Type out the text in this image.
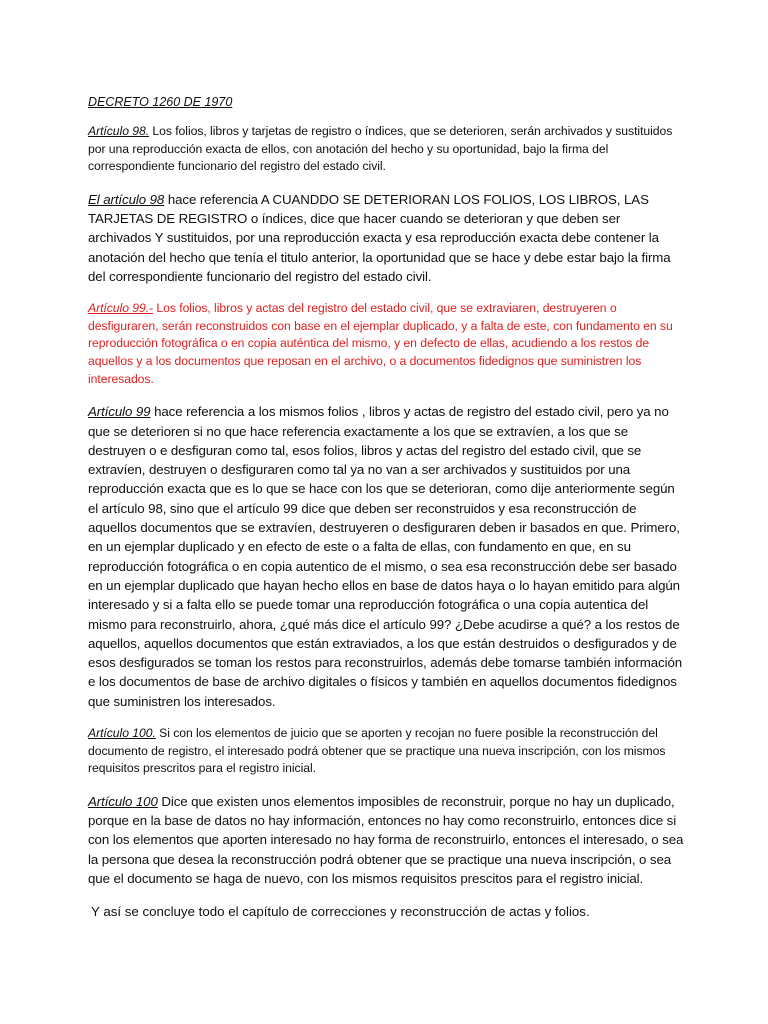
DECRETO 1260 DE 1970

Artículo 98. Los folios, libros y tarjetas de registro o índices, que se deterioren, serán archivados y sustituidos por una reproducción exacta de ellos, con anotación del hecho y su oportunidad, bajo la firma del correspondiente funcionario del registro del estado civil.

El artículo 98 hace referencia A CUANDDO SE DETERIORAN LOS FOLIOS, LOS LIBROS, LAS TARJETAS DE REGISTRO o índices, dice que hacer cuando se deterioran y que deben ser archivados Y sustituidos, por una reproducción exacta y esa reproducción exacta debe contener la anotación del hecho que tenía el titulo anterior, la oportunidad que se hace y debe estar bajo la firma del correspondiente funcionario del registro del estado civil.

Artículo 99.- Los folios, libros y actas del registro del estado civil, que se extraviaren, destruyeren o desfiguraren, serán reconstruidos con base en el ejemplar duplicado, y a falta de este, con fundamento en su reproducción fotográfica o en copia auténtica del mismo, y en defecto de ellas, acudiendo a los restos de aquellos y a los documentos que reposan en el archivo, o a documentos fidedignos que suministren los interesados.

Artículo 99 hace referencia a los mismos folios , libros y actas de registro del estado civil, pero ya no que se deterioren si no que hace referencia exactamente a los que se extravíen, a los que se destruyen o e desfiguran como tal, esos folios, libros y actas del registro del estado civil, que se extravíen, destruyen o desfiguraren como tal ya no van a ser archivados y sustituidos por una reproducción exacta que es lo que se hace con los que se deterioran, como dije anteriormente según el artículo 98, sino que el artículo 99 dice que deben ser reconstruidos y esa reconstrucción de aquellos documentos que se extravíen, destruyeren o desfiguraren deben ir basados en que. Primero, en un ejemplar duplicado y en efecto de este o a falta de ellas, con fundamento en que, en su reproducción fotográfica o en copia autentico de el mismo, o sea esa reconstrucción debe ser basado en un ejemplar duplicado que hayan hecho ellos en base de datos haya o lo hayan emitido para algún interesado y si a falta ello se puede tomar una reproducción fotográfica o una copia autentica del mismo para reconstruirlo, ahora, ¿qué más dice el artículo 99? ¿Debe acudirse a qué? a los restos de aquellos, aquellos documentos que están extraviados, a los que están destruidos o desfigurados y de esos desfigurados se toman los restos para reconstruirlos, además debe tomarse también información e los documentos de base de archivo digitales o físicos y también en aquellos documentos fidedignos que suministren los interesados.

Artículo 100. Si con los elementos de juicio que se aporten y recojan no fuere posible la reconstrucción del documento de registro, el interesado podrá obtener que se practique una nueva inscripción, con los mismos requisitos prescritos para el registro inicial.

Artículo 100 Dice que existen unos elementos imposibles de reconstruir, porque no hay un duplicado, porque en la base de datos no hay información, entonces no hay como reconstruirlo, entonces dice si con los elementos que aporten interesado no hay forma de reconstruirlo, entonces el interesado, o sea la persona que desea la reconstrucción podrá obtener que se practique una nueva inscripción, o sea que el documento se haga de nuevo, con los mismos requisitos prescitos para el registro inicial.

Y así se concluye todo el capítulo de correcciones y reconstrucción de actas y folios.
